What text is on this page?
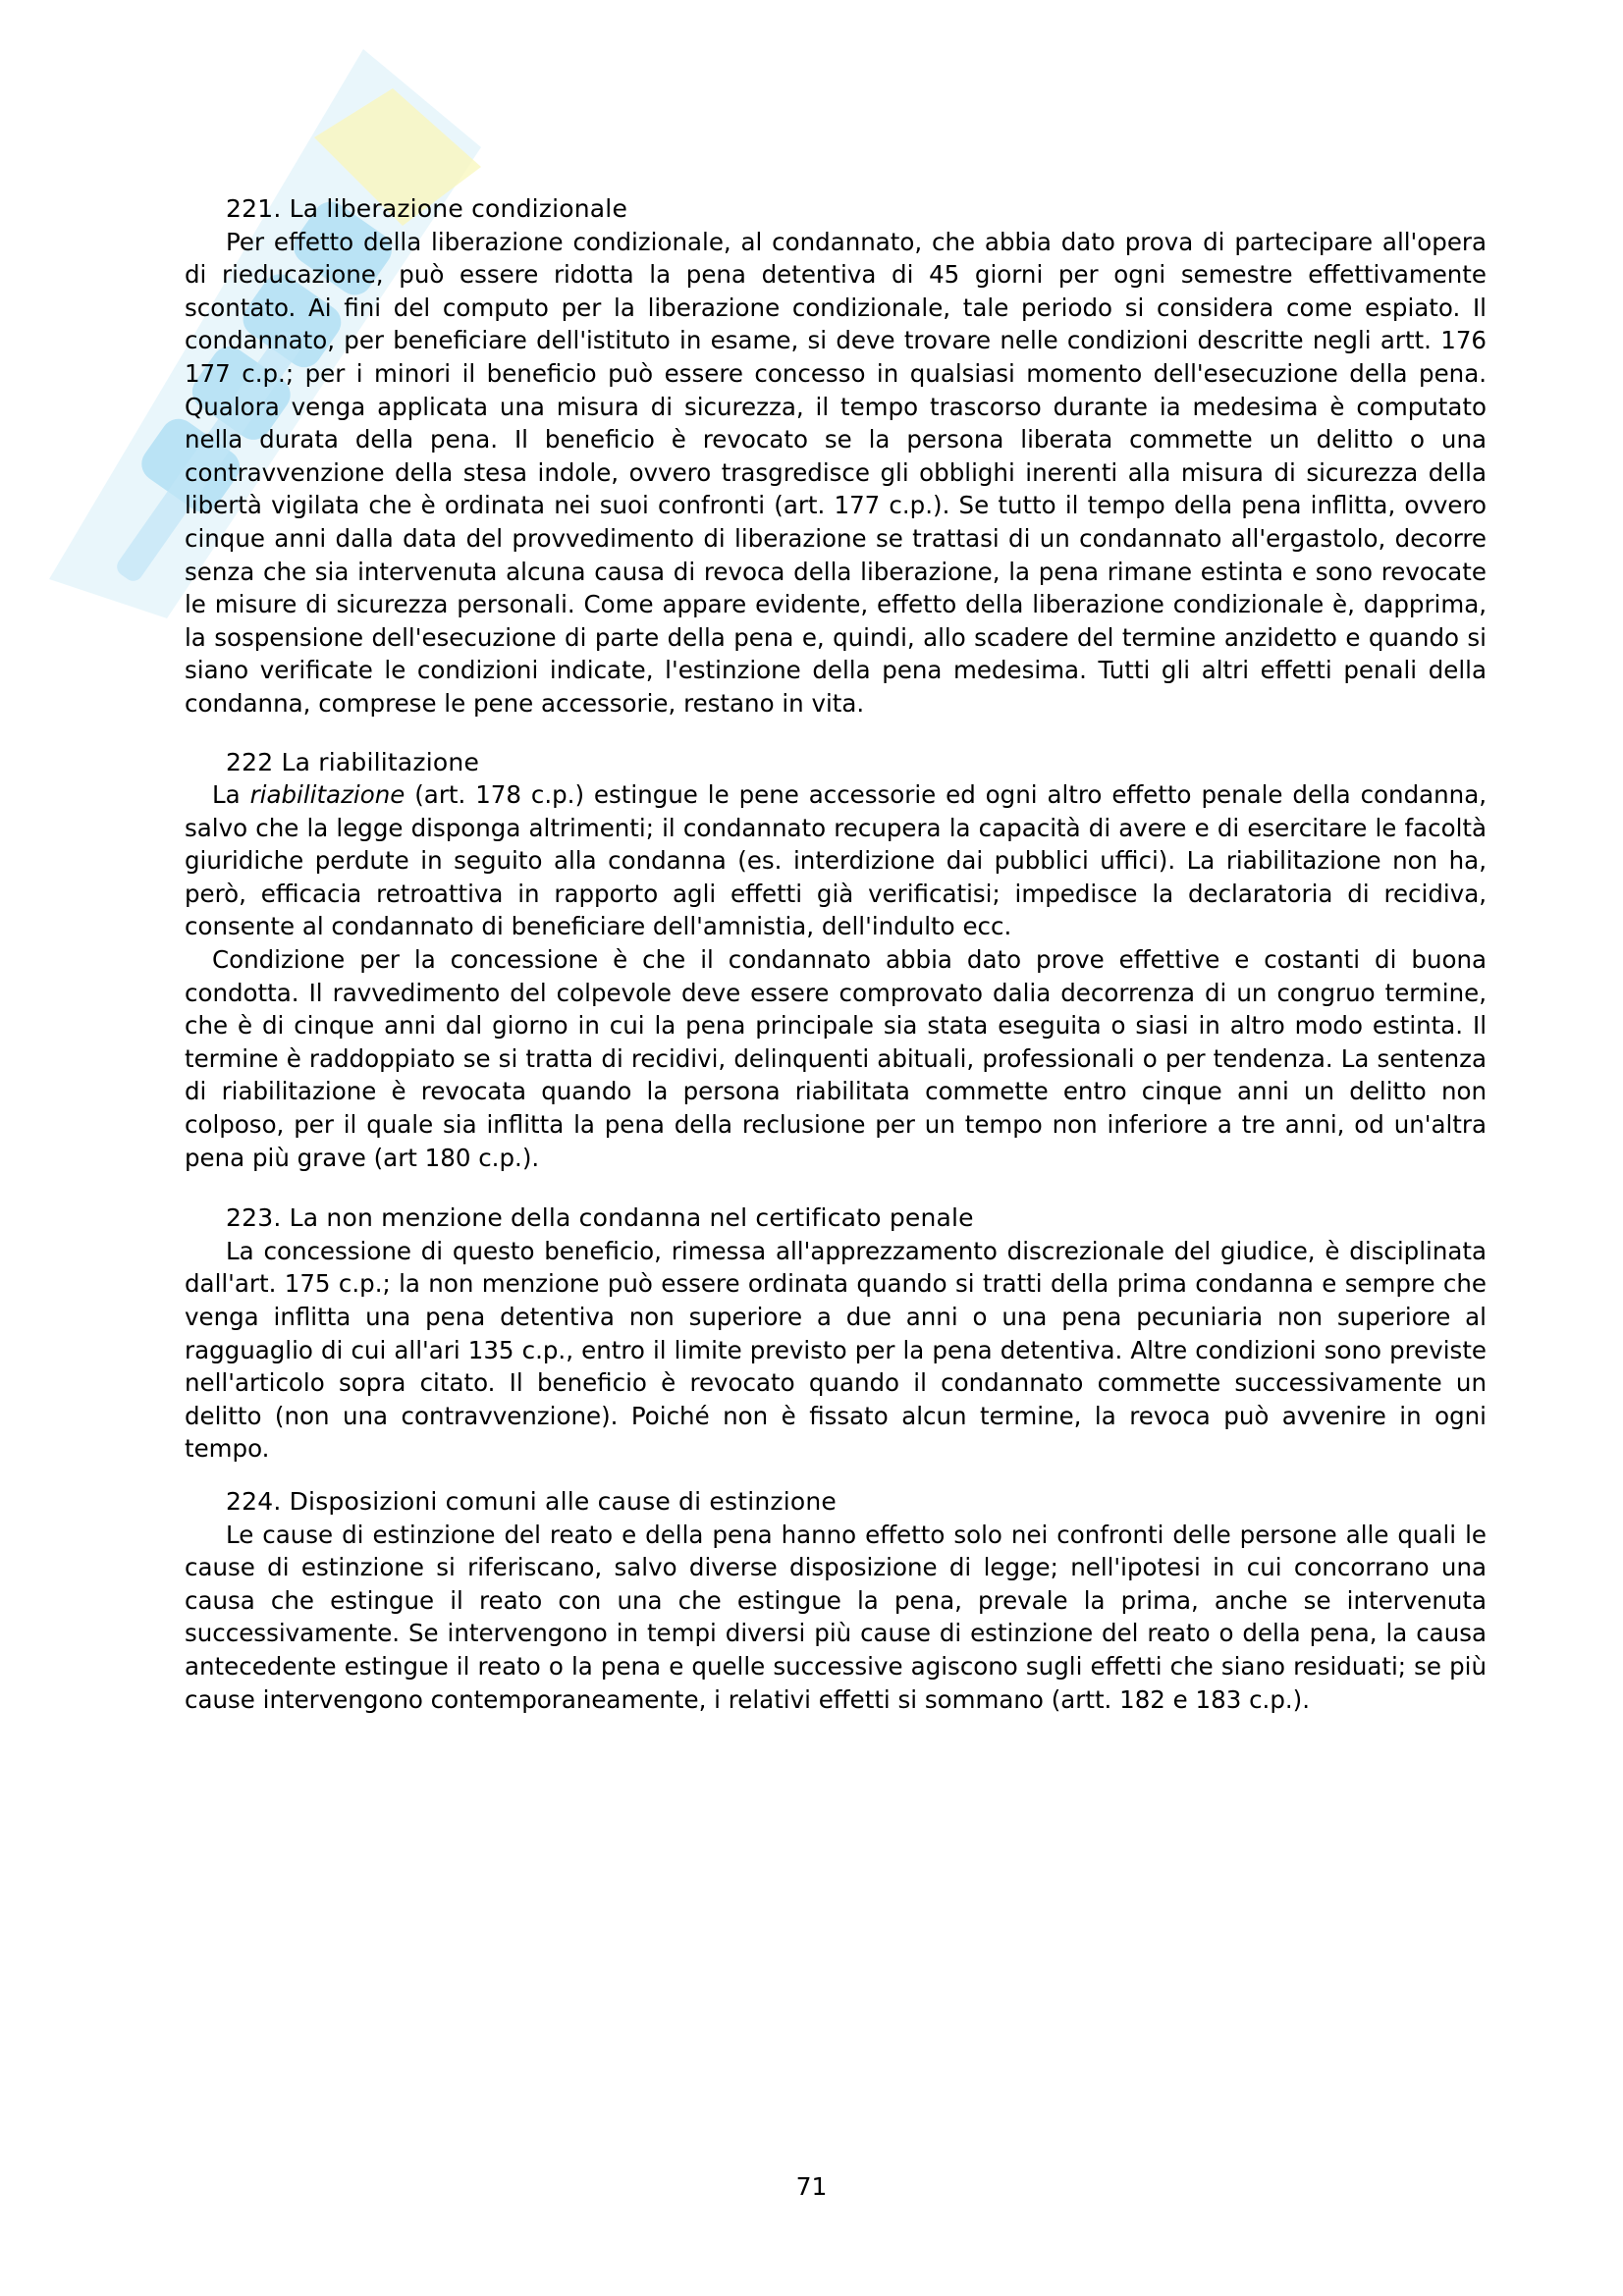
221. La liberazione condizionale

Per effetto della liberazione condizionale, al condannato, che abbia dato prova di partecipare all'opera di rieducazione, può essere ridotta la pena detentiva di 45 giorni per ogni semestre effettivamente scontato. Ai fini del computo per la liberazione condizionale, tale periodo si considera come espiato. Il condannato, per beneficiare dell'istituto in esame, si deve trovare nelle condizioni descritte negli artt. 176 177 c.p.; per i minori il beneficio può essere concesso in qualsiasi momento dell'esecuzione della pena. Qualora venga applicata una misura di sicurezza, il tempo trascorso durante ia medesima è computato nella durata della pena. Il beneficio è revocato se la persona liberata commette un delitto o una contravvenzione della stesa indole, ovvero trasgredisce gli obblighi inerenti alla misura di sicurezza della libertà vigilata che è ordinata nei suoi confronti (art. 177 c.p.). Se tutto il tempo della pena inflitta, ovvero cinque anni dalla data del provvedimento di liberazione se trattasi di un condannato all'ergastolo, decorre senza che sia intervenuta alcuna causa di revoca della liberazione, la pena rimane estinta e sono revocate le misure di sicurezza personali. Come appare evidente, effetto della liberazione condizionale è, dapprima, la sospensione dell'esecuzione di parte della pena e, quindi, allo scadere del termine anzidetto e quando si siano verificate le condizioni indicate, l'estinzione della pena medesima. Tutti gli altri effetti penali della condanna, comprese le pene accessorie, restano in vita.

222 La riabilitazione

La riabilitazione (art. 178 c.p.) estingue le pene accessorie ed ogni altro effetto penale della condanna, salvo che la legge disponga altrimenti; il condannato recupera la capacità di avere e di esercitare le facoltà giuridiche perdute in seguito alla condanna (es. interdizione dai pubblici uffici). La riabilitazione non ha, però, efficacia retroattiva in rapporto agli effetti già verificatisi; impedisce la declaratoria di recidiva, consente al condannato di beneficiare dell'amnistia, dell'indulto ecc.

Condizione per la concessione è che il condannato abbia dato prove effettive e costanti di buona condotta. Il ravvedimento del colpevole deve essere comprovato dalia decorrenza di un congruo termine, che è di cinque anni dal giorno in cui la pena principale sia stata eseguita o siasi in altro modo estinta. Il termine è raddoppiato se si tratta di recidivi, delinquenti abituali, professionali o per tendenza. La sentenza di riabilitazione è revocata quando la persona riabilitata commette entro cinque anni un delitto non colposo, per il quale sia inflitta la pena della reclusione per un tempo non inferiore a tre anni, od un'altra pena più grave (art 180 c.p.).

223. La non menzione della condanna nel certificato penale

La concessione di questo beneficio, rimessa all'apprezzamento discrezionale del giudice, è disciplinata dall'art. 175 c.p.; la non menzione può essere ordinata quando si tratti della prima condanna e sempre che venga inflitta una pena detentiva non superiore a due anni o una pena pecuniaria non superiore al ragguaglio di cui all'ari 135 c.p., entro il limite previsto per la pena detentiva. Altre condizioni sono previste nell'articolo sopra citato. Il beneficio è revocato quando il condannato commette successivamente un delitto (non una contravvenzione). Poiché non è fissato alcun termine, la revoca può avvenire in ogni tempo.

224. Disposizioni comuni alle cause di estinzione

Le cause di estinzione del reato e della pena hanno effetto solo nei confronti delle persone alle quali le cause di estinzione si riferiscano, salvo diverse disposizione di legge; nell'ipotesi in cui concorrano una causa che estingue il reato con una che estingue la pena, prevale la prima, anche se intervenuta successivamente. Se intervengono in tempi diversi più cause di estinzione del reato o della pena, la causa antecedente estingue il reato o la pena e quelle successive agiscono sugli effetti che siano residuati; se più cause intervengono contemporaneamente, i relativi effetti si sommano (artt. 182 e 183 c.p.).

71
